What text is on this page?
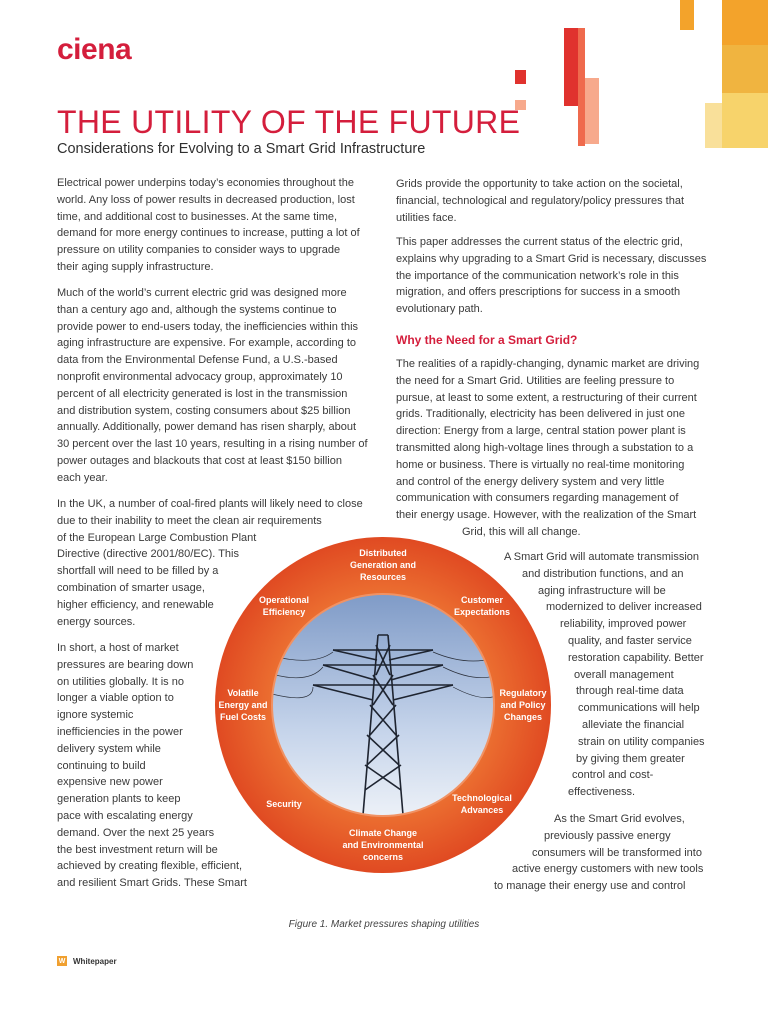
ciena
THE UTILITY OF THE FUTURE
Considerations for Evolving to a Smart Grid Infrastructure
Electrical power underpins today’s economies throughout the
world. Any loss of power results in decreased production, lost
time, and additional cost to businesses. At the same time,
demand for more energy continues to increase, putting a lot of
pressure on utility companies to consider ways to upgrade
their aging supply infrastructure.
Much of the world’s current electric grid was designed more
than a century ago and, although the systems continue to
provide power to end-users today, the inefficiencies within this
aging infrastructure are expensive. For example, according to
data from the Environmental Defense Fund, a U.S.-based
nonprofit environmental advocacy group, approximately 10
percent of all electricity generated is lost in the transmission
and distribution system, costing consumers about $25 billion
annually. Additionally, power demand has risen sharply, about
30 percent over the last 10 years, resulting in a rising number of
power outages and blackouts that cost at least $150 billion
each year.
In the UK, a number of coal-fired plants will likely need to close
due to their inability to meet the clean air requirements
of the European Large Combustion Plant
Directive (directive 2001/80/EC). This
shortfall will need to be filled by a
combination of smarter usage,
higher efficiency, and renewable
energy sources.
In short, a host of market
pressures are bearing down
on utilities globally. It is no
longer a viable option to
ignore systemic
inefficiencies in the power
delivery system while
continuing to build
expensive new power
generation plants to keep
pace with escalating energy
demand. Over the next 25 years
the best investment return will be
achieved by creating flexible, efficient,
and resilient Smart Grids. These Smart
Grids provide the opportunity to take action on the societal,
financial, technological and regulatory/policy pressures that
utilities face.
This paper addresses the current status of the electric grid,
explains why upgrading to a Smart Grid is necessary, discusses
the importance of the communication network’s role in this
migration, and offers prescriptions for success in a smooth
evolutionary path.
Why the Need for a Smart Grid?
The realities of a rapidly-changing, dynamic market are driving
the need for a Smart Grid. Utilities are feeling pressure to
pursue, at least to some extent, a restructuring of their current
grids. Traditionally, electricity has been delivered in just one
direction: Energy from a large, central station power plant is
transmitted along high-voltage lines through a substation to a
home or business. There is virtually no real-time monitoring
and control of the energy delivery system and very little
communication with consumers regarding management of
their energy usage. However, with the realization of the Smart
Grid, this will all change.
A Smart Grid will automate transmission
and distribution functions, and an
aging infrastructure will be
modernized to deliver increased
reliability, improved power
quality, and faster service
restoration capability. Better
overall management
through real-time data
communications will help
alleviate the financial
strain on utility companies
by giving them greater
control and cost-
effectiveness.
As the Smart Grid evolves,
previously passive energy
consumers will be transformed into
active energy customers with new tools
to manage their energy use and control
Distributed Generation and Resources
Customer Expectations
Regulatory and Policy Changes
Technological Advances
Climate Change and Environmental concerns
Security
Volatile Energy and Fuel Costs
Operational Efficiency
Figure 1. Market pressures shaping utilities
W Whitepaper
